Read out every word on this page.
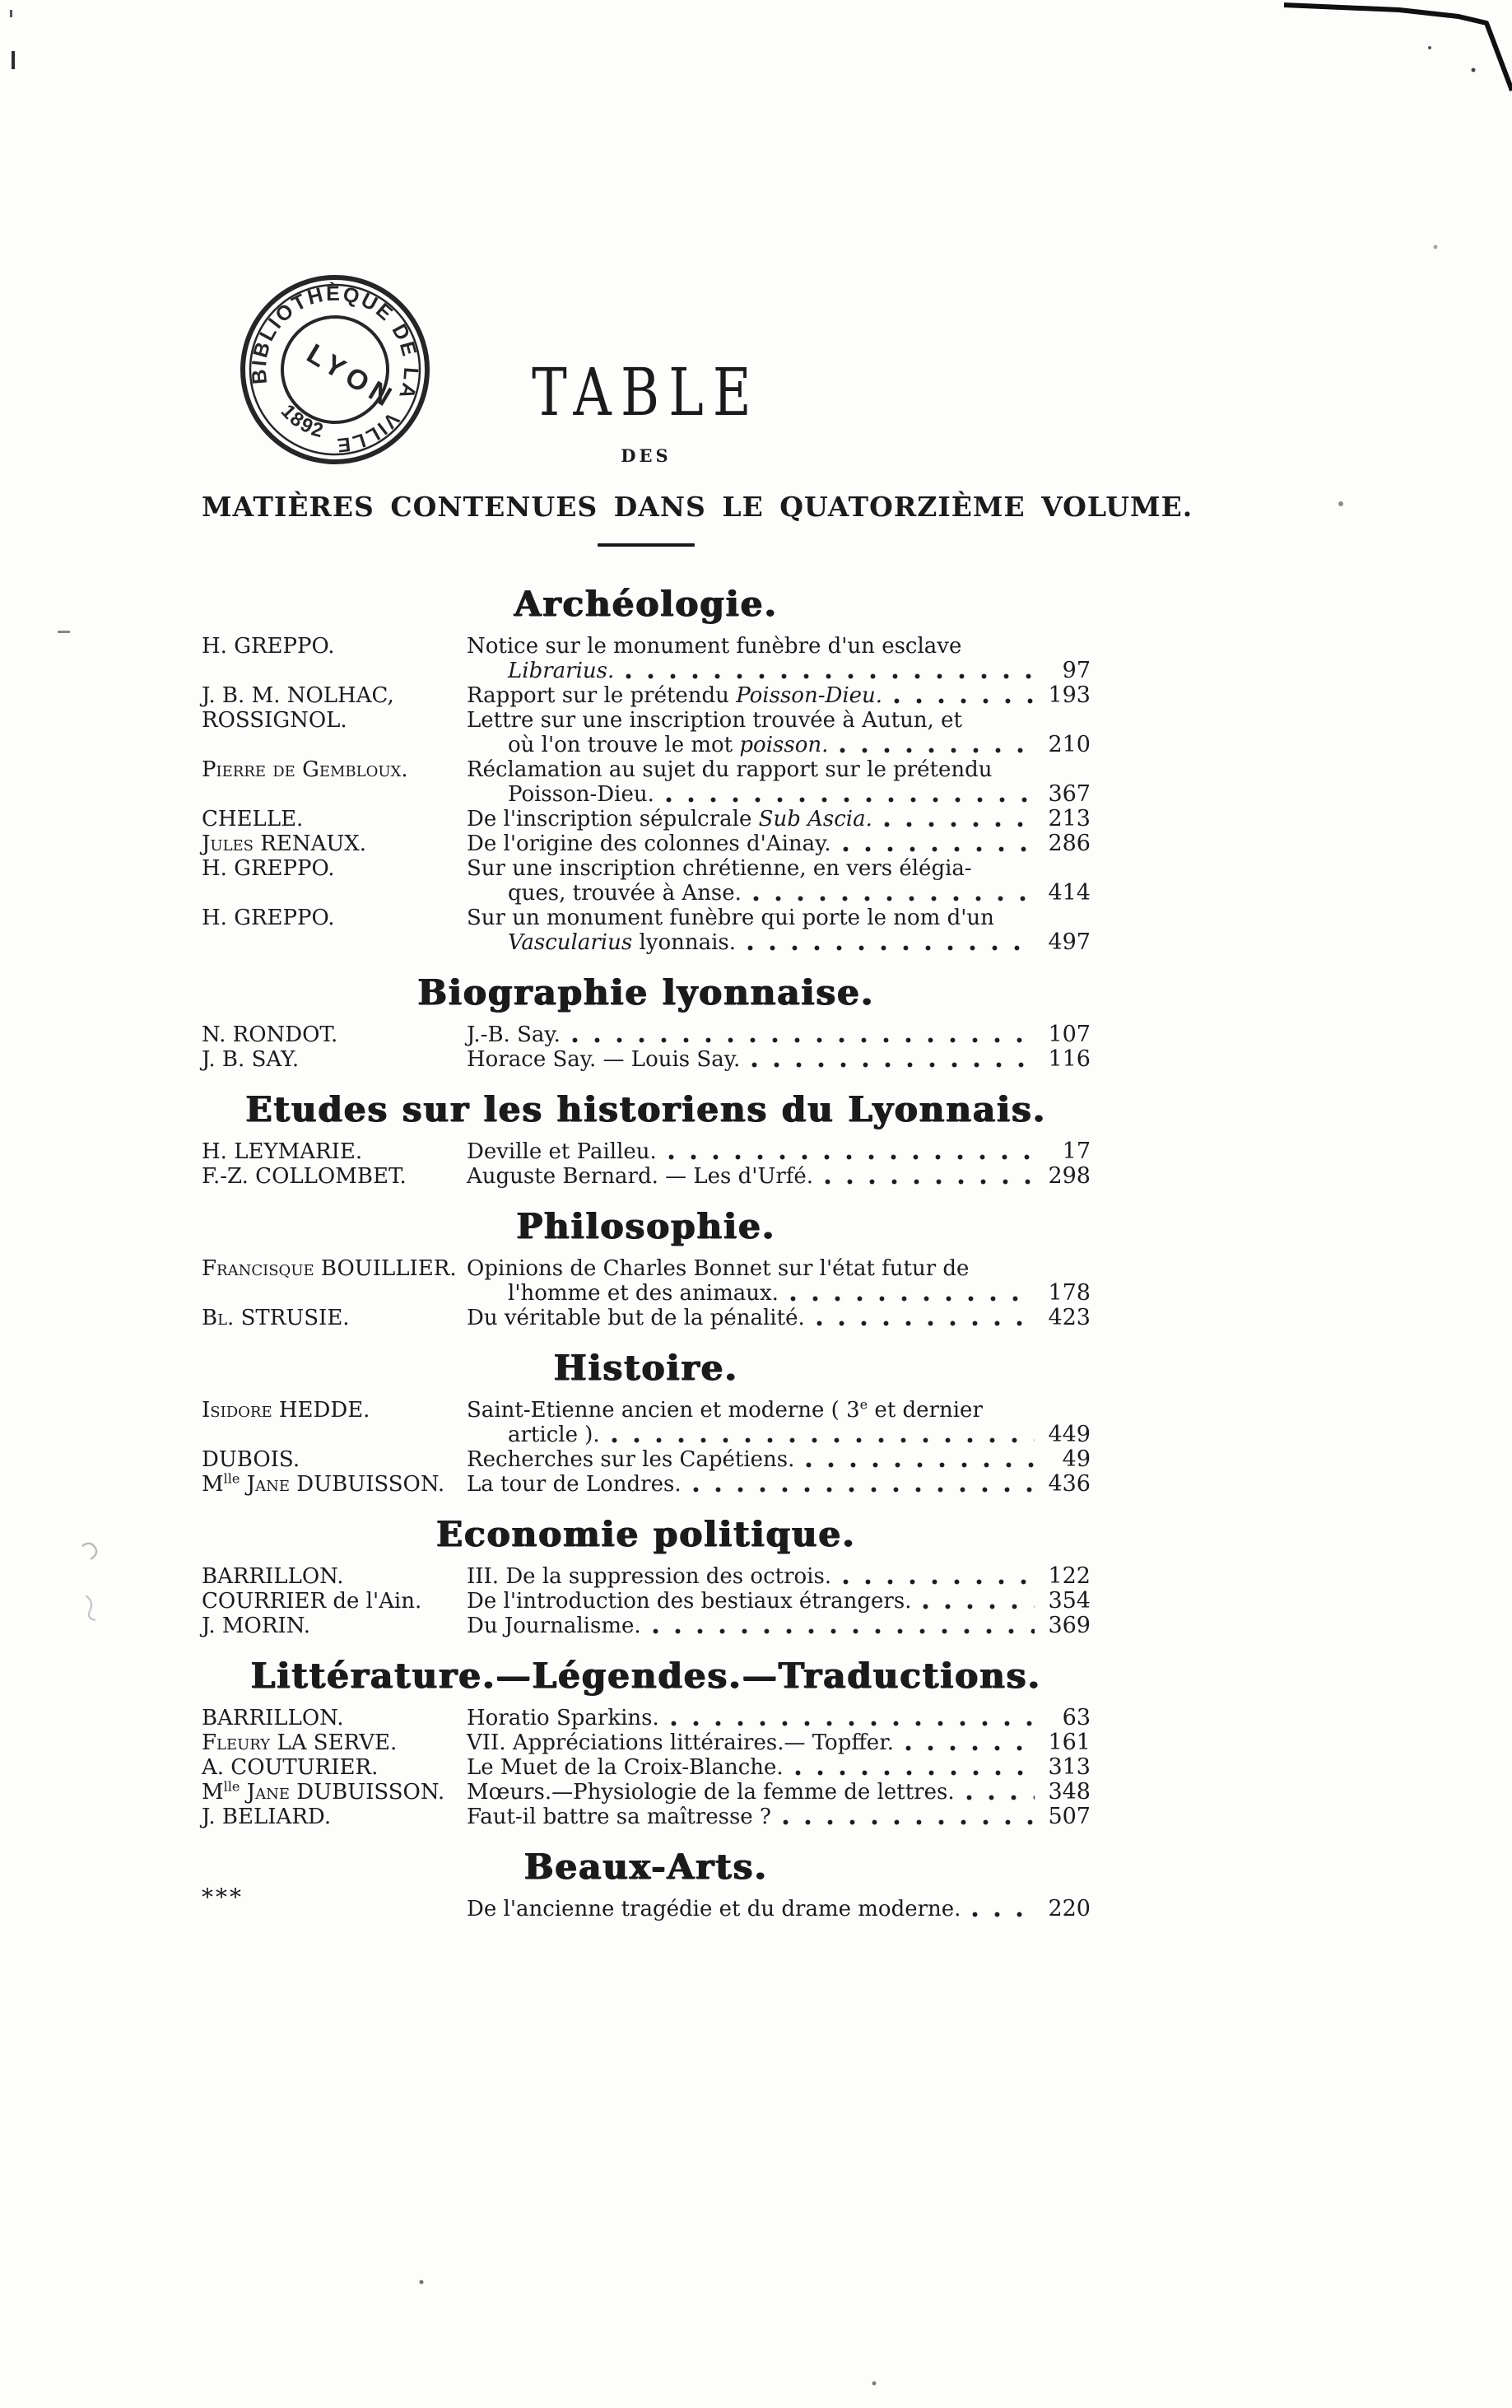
BIBLIOTHÈQUE DE LA
1892	VILLE
LYON	TABLE
DES
MATIÈRES CONTENUES DANS LE QUATORZIÈME VOLUME.
Archéologie.
H. GREPPO.	Notice sur le monument funèbre d'un esclave
Librarius.	97
J. B. M. NOLHAC,	Rapport sur le prétendu Poisson-Dieu.	193
ROSSIGNOL.	Lettre sur une inscription trouvée à Autun, et
où l'on trouve le mot poisson.	210
Pierre de Gembloux.	Réclamation au sujet du rapport sur le prétendu
Poisson-Dieu.	367
CHELLE.	De l'inscription sépulcrale Sub Ascia.	213
Jules RENAUX.	De l'origine des colonnes d'Ainay.	286
H. GREPPO.	Sur une inscription chrétienne, en vers élégia-
ques, trouvée à Anse.	414
H. GREPPO.	Sur un monument funèbre qui porte le nom d'un
Vascularius lyonnais.	497
Biographie lyonnaise.
N. RONDOT.	J.-B. Say.	107
J. B. SAY.	Horace Say. — Louis Say.	116
Etudes sur les historiens du Lyonnais.
H. LEYMARIE.	Deville et Pailleu.	17
F.-Z. COLLOMBET.	Auguste Bernard. — Les d'Urfé.	298
Philosophie.
Francisque BOUILLIER. Opinions de Charles Bonnet sur l'état futur de
l'homme et des animaux.	178
Bl. STRUSIE.	Du véritable but de la pénalité.	423
Histoire.
Isidore HEDDE.	Saint-Etienne ancien et moderne ( 3e et dernier
article ).	449
DUBOIS.	Recherches sur les Capétiens.	49
$M^{lle}$ Jane DUBUISSON.	La tour de Londres.	436
Economie politique.
BARRILLON.	III. De la suppression des octrois.	122
COURRIER de l'Ain.	De l'introduction des bestiaux étrangers.	354
J. MORIN.	Du Journalisme.	369
Littérature.—Légendes.—Traductions.
BARRILLON.	Horatio Sparkins.	63
Fleury LA SERVE.	VII. Appréciations littéraires.— Topffer.	161
A. COUTURIER.	Le Muet de la Croix-Blanche.	313
$M^{lle}$ Jane DUBUISSON.	Mœurs.—Physiologie de la femme de lettres.	348
J. BELIARD.	Faut-il battre sa maîtresse ?	507
Beaux-Arts.
***	De l'ancienne tragédie et du drame moderne.	220
